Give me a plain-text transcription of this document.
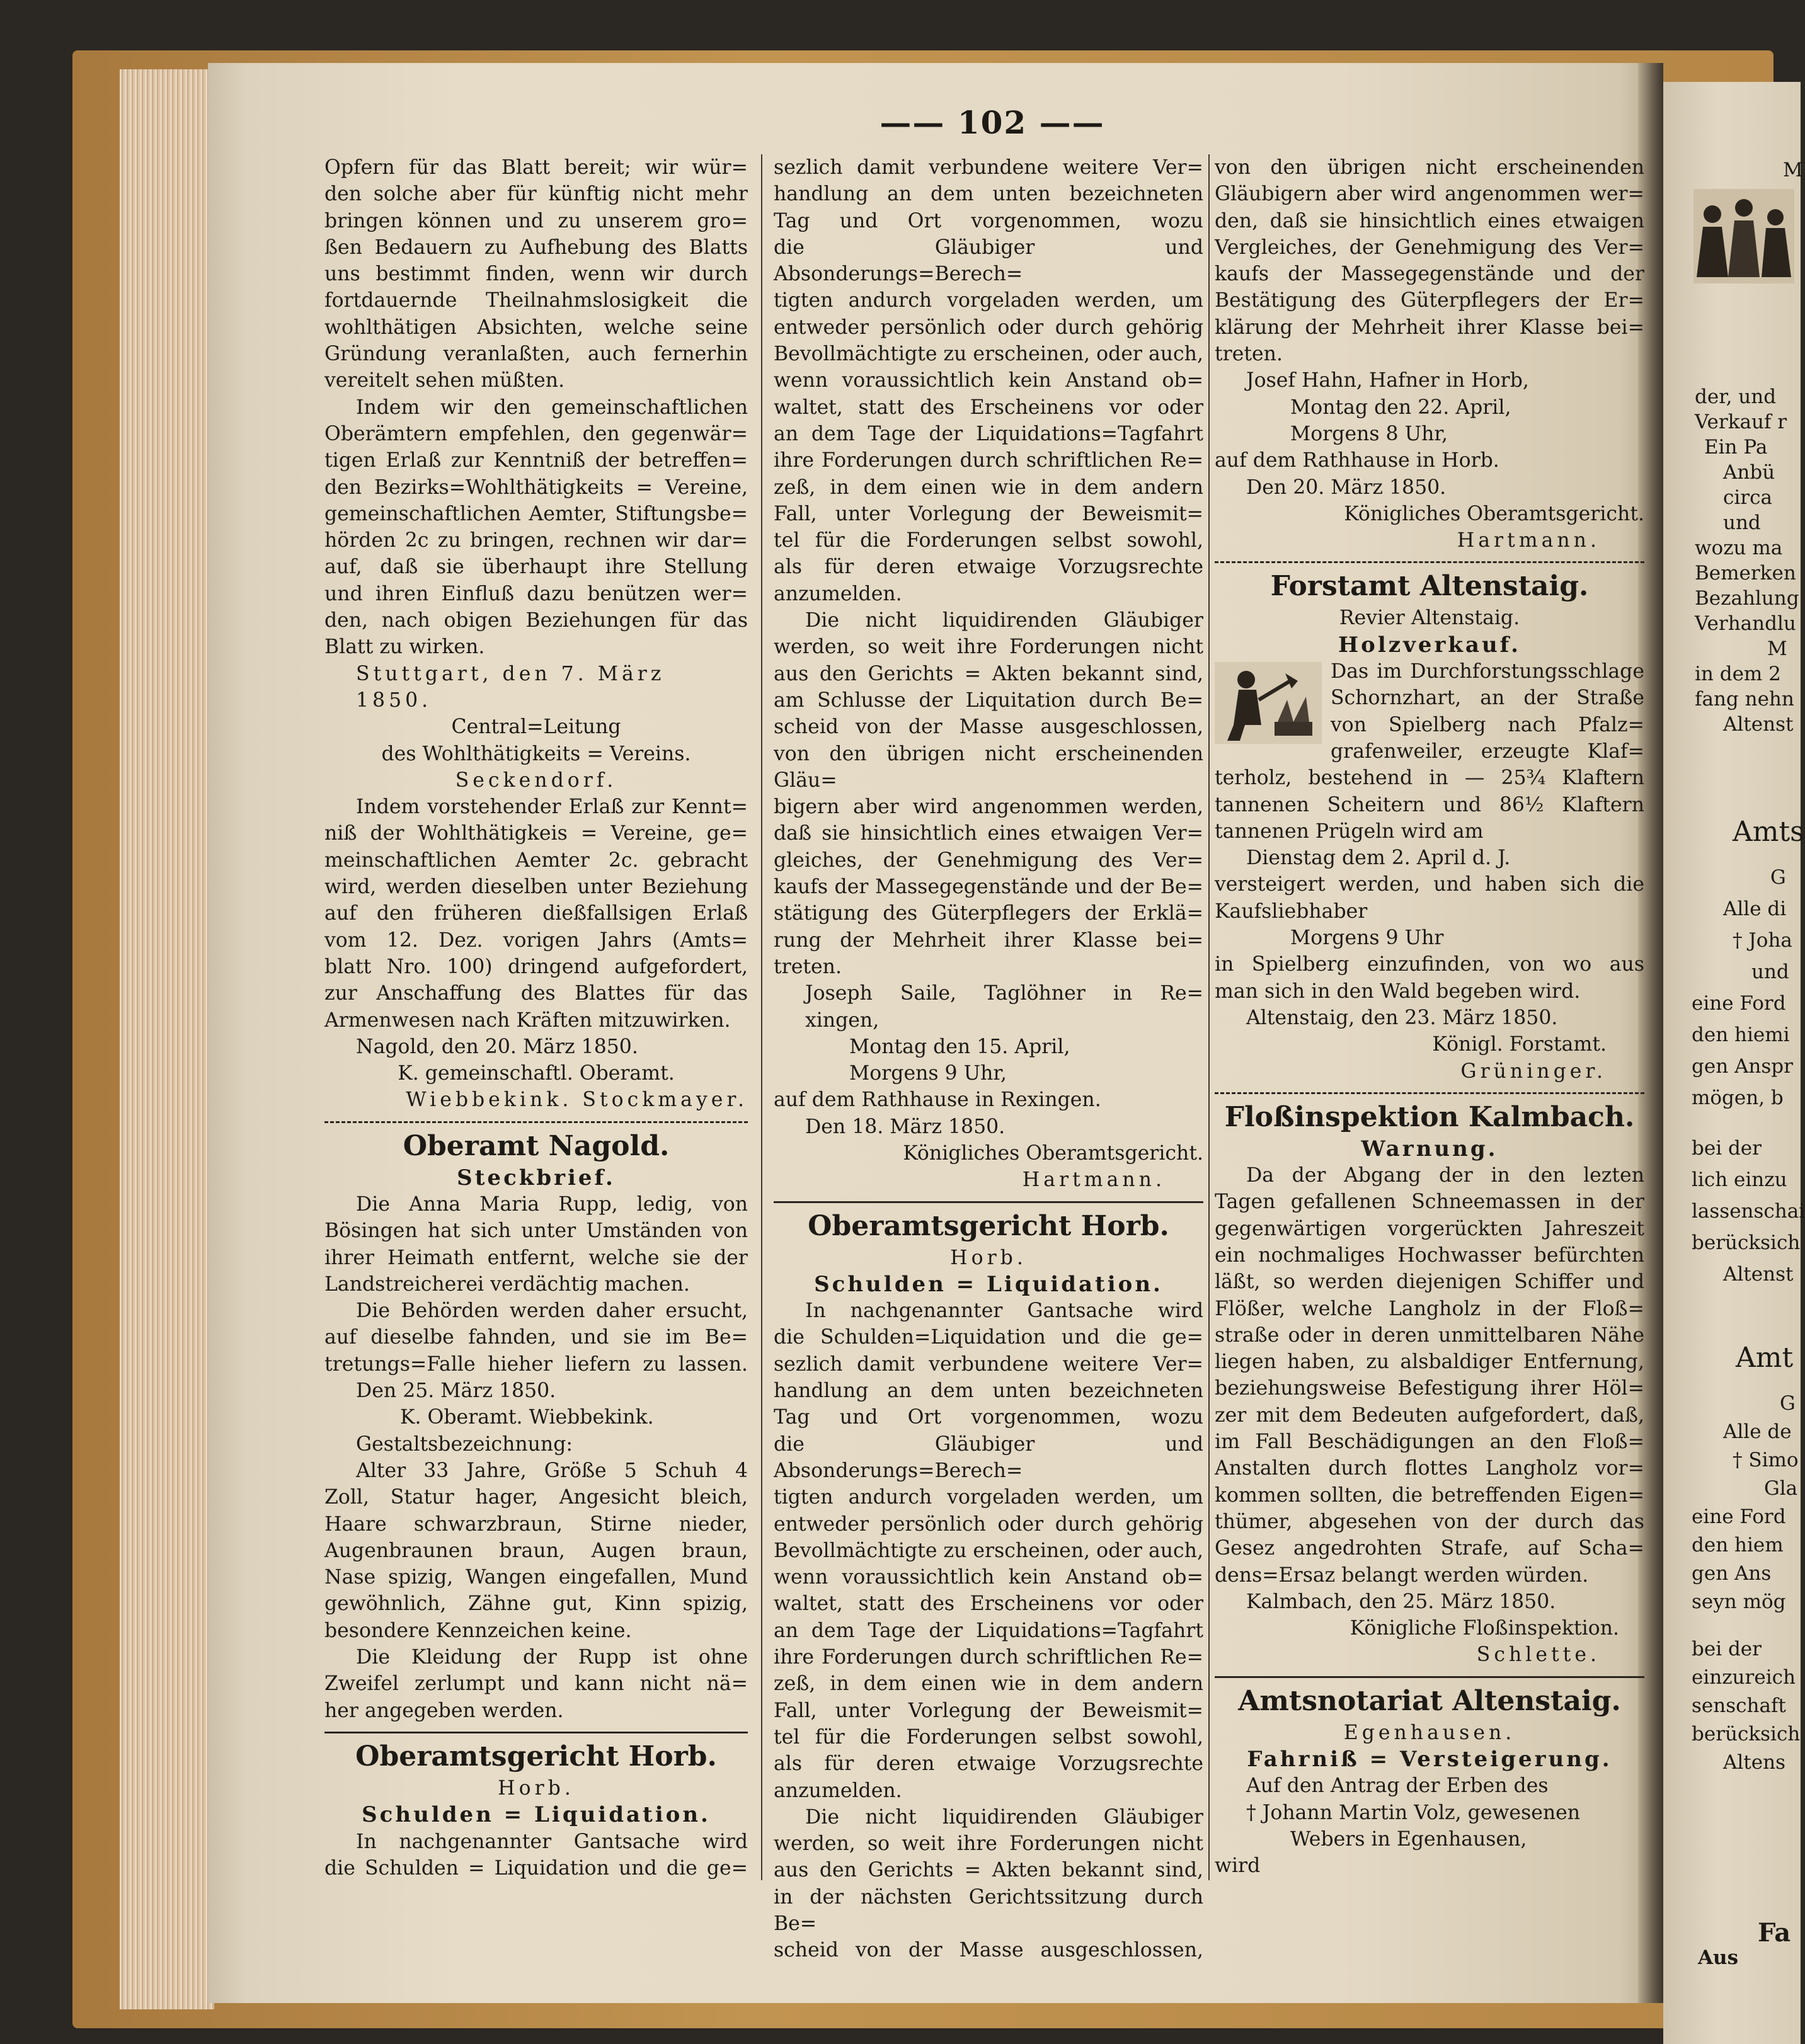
M
der, und
Verkauf r
Ein Pa
Anbü
circa
und
wozu ma
Bemerken
Bezahlung
Verhandlu
M
in dem 2
fang nehn
Altenst
Amts
G
Alle di
† Joha
und
eine Ford
den hiemi
gen Anspr
mögen, b
bei der
lich einzu
lassenschai
berücksich
Altenst
Amt
G
Alle de
† Simo
Gla
eine Ford
den hiem
gen Ans
seyn mög
bei der
einzureich
senschaft
berücksich
Altens
Fa
Aus
—— 102 ——

Opfern für das Blatt bereit; wir wür=

den solche aber für künftig nicht mehr

bringen können und zu unserem gro=

ßen Bedauern zu Aufhebung des Blatts

uns bestimmt finden, wenn wir durch

fortdauernde Theilnahmslosigkeit die

wohlthätigen Absichten, welche seine

Gründung veranlaßten, auch fernerhin

vereitelt sehen müßten.

Indem wir den gemeinschaftlichen

Oberämtern empfehlen, den gegenwär=

tigen Erlaß zur Kenntniß der betreffen=

den Bezirks=Wohlthätigkeits = Vereine,

gemeinschaftlichen Aemter, Stiftungsbe=

hörden 2c zu bringen, rechnen wir dar=

auf, daß sie überhaupt ihre Stellung

und ihren Einfluß dazu benützen wer=

den, nach obigen Beziehungen für das

Blatt zu wirken.

Stuttgart, den 7. März 1850.

Central=Leitung

des Wohlthätigkeits = Vereins.

Seckendorf.

Indem vorstehender Erlaß zur Kennt=

niß der Wohlthätigkeis = Vereine, ge=

meinschaftlichen Aemter 2c. gebracht

wird, werden dieselben unter Beziehung

auf den früheren dießfallsigen Erlaß

vom 12. Dez. vorigen Jahrs (Amts=

blatt Nro. 100) dringend aufgefordert,

zur Anschaffung des Blattes für das

Armenwesen nach Kräften mitzuwirken.

Nagold, den 20. März 1850.

K. gemeinschaftl. Oberamt.

Wiebbekink. Stockmayer.

Oberamt Nagold.

Steckbrief.

Die Anna Maria Rupp, ledig, von

Bösingen hat sich unter Umständen von

ihrer Heimath entfernt, welche sie der

Landstreicherei verdächtig machen.

Die Behörden werden daher ersucht,

auf dieselbe fahnden, und sie im Be=

tretungs=Falle hieher liefern zu lassen.

Den 25. März 1850.

K. Oberamt. Wiebbekink.

Gestaltsbezeichnung:

Alter 33 Jahre, Größe 5 Schuh 4

Zoll, Statur hager, Angesicht bleich,

Haare schwarzbraun, Stirne nieder,

Augenbraunen braun, Augen braun,

Nase spizig, Wangen eingefallen, Mund

gewöhnlich, Zähne gut, Kinn spizig,

besondere Kennzeichen keine.

Die Kleidung der Rupp ist ohne

Zweifel zerlumpt und kann nicht nä=

her angegeben werden.

Oberamtsgericht Horb.

Horb.

Schulden = Liquidation.

In nachgenannter Gantsache wird

die Schulden = Liquidation und die ge=

sezlich damit verbundene weitere Ver=

handlung an dem unten bezeichneten

Tag und Ort vorgenommen, wozu

die Gläubiger und Absonderungs=Berech=

tigten andurch vorgeladen werden, um

entweder persönlich oder durch gehörig

Bevollmächtigte zu erscheinen, oder auch,

wenn voraussichtlich kein Anstand ob=

waltet, statt des Erscheinens vor oder

an dem Tage der Liquidations=Tagfahrt

ihre Forderungen durch schriftlichen Re=

zeß, in dem einen wie in dem andern

Fall, unter Vorlegung der Beweismit=

tel für die Forderungen selbst sowohl,

als für deren etwaige Vorzugsrechte

anzumelden.

Die nicht liquidirenden Gläubiger

werden, so weit ihre Forderungen nicht

aus den Gerichts = Akten bekannt sind,

am Schlusse der Liquitation durch Be=

scheid von der Masse ausgeschlossen,

von den übrigen nicht erscheinenden Gläu=

bigern aber wird angenommen werden,

daß sie hinsichtlich eines etwaigen Ver=

gleiches, der Genehmigung des Ver=

kaufs der Massegegenstände und der Be=

stätigung des Güterpflegers der Erklä=

rung der Mehrheit ihrer Klasse bei=

treten.

Joseph Saile, Taglöhner in Re=

xingen,

Montag den 15. April,

Morgens 9 Uhr,

auf dem Rathhause in Rexingen.

Den 18. März 1850.

Königliches Oberamtsgericht.

Hartmann.

Oberamtsgericht Horb.

Horb.

Schulden = Liquidation.

In nachgenannter Gantsache wird

die Schulden=Liquidation und die ge=

sezlich damit verbundene weitere Ver=

handlung an dem unten bezeichneten

Tag und Ort vorgenommen, wozu

die Gläubiger und Absonderungs=Berech=

tigten andurch vorgeladen werden, um

entweder persönlich oder durch gehörig

Bevollmächtigte zu erscheinen, oder auch,

wenn voraussichtlich kein Anstand ob=

waltet, statt des Erscheinens vor oder

an dem Tage der Liquidations=Tagfahrt

ihre Forderungen durch schriftlichen Re=

zeß, in dem einen wie in dem andern

Fall, unter Vorlegung der Beweismit=

tel für die Forderungen selbst sowohl,

als für deren etwaige Vorzugsrechte

anzumelden.

Die nicht liquidirenden Gläubiger

werden, so weit ihre Forderungen nicht

aus den Gerichts = Akten bekannt sind,

in der nächsten Gerichtssitzung durch Be=

scheid von der Masse ausgeschlossen,

von den übrigen nicht erscheinenden

Gläubigern aber wird angenommen wer=

den, daß sie hinsichtlich eines etwaigen

Vergleiches, der Genehmigung des Ver=

kaufs der Massegegenstände und der

Bestätigung des Güterpflegers der Er=

klärung der Mehrheit ihrer Klasse bei=

treten.

Josef Hahn, Hafner in Horb,

Montag den 22. April,

Morgens 8 Uhr,

auf dem Rathhause in Horb.

Den 20. März 1850.

Königliches Oberamtsgericht.

Hartmann.

Forstamt Altenstaig.

Revier Altenstaig.

Holzverkauf.

Das im Durchforstungsschlage

Schornzhart, an der Straße

von Spielberg nach Pfalz=

grafenweiler, erzeugte Klaf=

terholz, bestehend in — 25¾ Klaftern

tannenen Scheitern und 86½ Klaftern

tannenen Prügeln wird am

Dienstag dem 2. April d. J.

versteigert werden, und haben sich die

Kaufsliebhaber

Morgens 9 Uhr

in Spielberg einzufinden, von wo aus

man sich in den Wald begeben wird.

Altenstaig, den 23. März 1850.

Königl. Forstamt.

Grüninger.

Floßinspektion Kalmbach.

Warnung.

Da der Abgang der in den lezten

Tagen gefallenen Schneemassen in der

gegenwärtigen vorgerückten Jahreszeit

ein nochmaliges Hochwasser befürchten

läßt, so werden diejenigen Schiffer und

Flößer, welche Langholz in der Floß=

straße oder in deren unmittelbaren Nähe

liegen haben, zu alsbaldiger Entfernung,

beziehungsweise Befestigung ihrer Höl=

zer mit dem Bedeuten aufgefordert, daß,

im Fall Beschädigungen an den Floß=

Anstalten durch flottes Langholz vor=

kommen sollten, die betreffenden Eigen=

thümer, abgesehen von der durch das

Gesez angedrohten Strafe, auf Scha=

dens=Ersaz belangt werden würden.

Kalmbach, den 25. März 1850.

Königliche Floßinspektion.

Schlette.

Amtsnotariat Altenstaig.

Egenhausen.

Fahrniß = Versteigerung.

Auf den Antrag der Erben des

† Johann Martin Volz, gewesenen

Webers in Egenhausen,

wird
